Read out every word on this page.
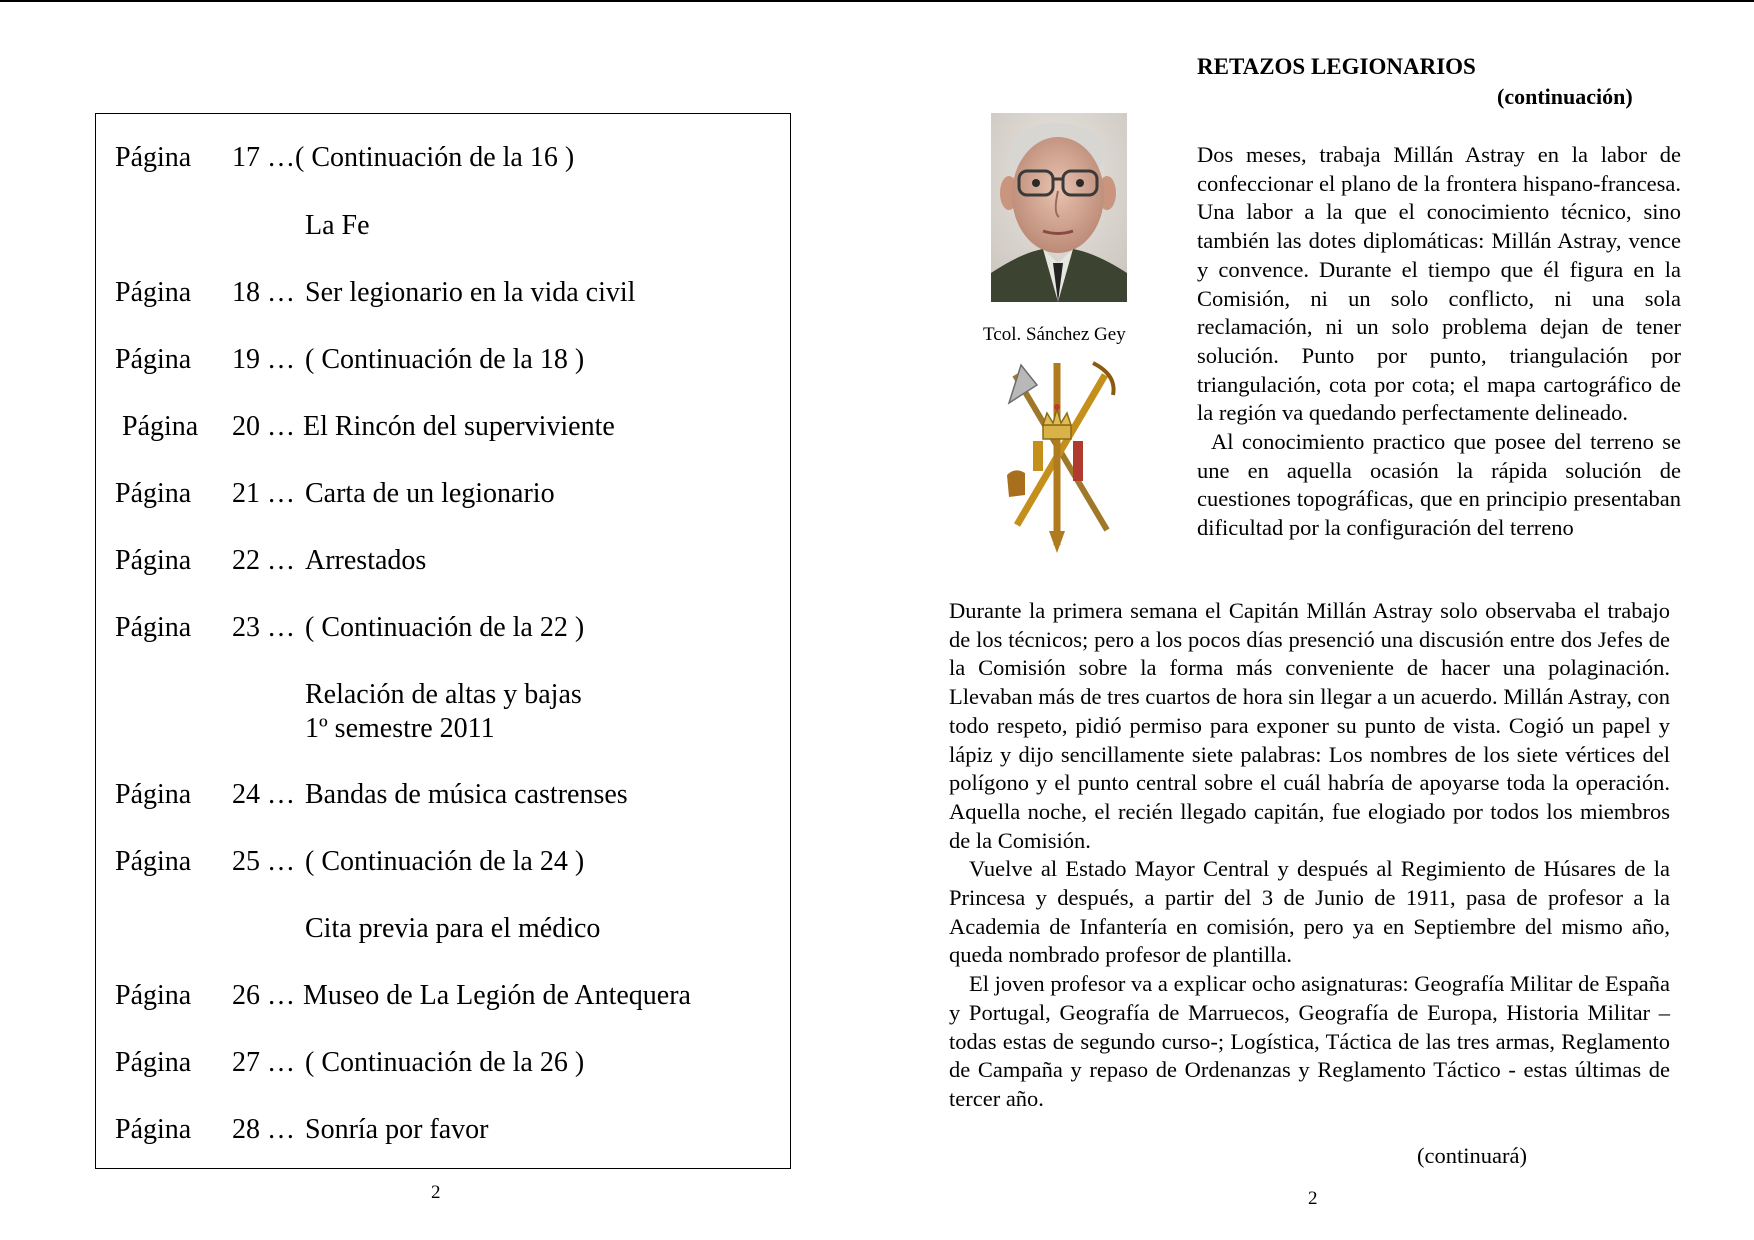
Página 17 … ( Continuación de la 16 )
La Fe
Página 18 … Ser legionario en la vida civil
Página 19 … ( Continuación de la 18 )
Página 20 … El Rincón del superviviente
Página 21 … Carta de un legionario
Página 22 … Arrestados
Página 23 … ( Continuación de la 22 )
Relación de altas y bajas
1º semestre 2011
Página 24 … Bandas de música castrenses
Página 25 … ( Continuación de la 24 )
Cita previa para el médico
Página 26 … Museo de La Legión de Antequera
Página 27 … ( Continuación de la 26 )
Página 28 … Sonría por favor
2
RETAZOS LEGIONARIOS
(continuación)
Tcol. Sánchez Gey

Dos meses, trabaja Millán Astray en la labor de confeccionar el plano de la frontera hispano-francesa. Una labor a la que el conocimiento técnico, sino también las dotes diplomáticas: Millán Astray, vence y convence. Durante el tiempo que él figura en la Comisión, ni un solo conflicto, ni una sola reclamación, ni un solo problema dejan de tener solución. Punto por punto, triangulación por triangulación, cota por cota; el mapa cartográfico de la región va quedando perfectamente delineado.

Al conocimiento practico que posee del terreno se une en aquella ocasión la rápida solución de cuestiones topográficas, que en principio presentaban dificultad por la configuración del terreno

Durante la primera semana el Capitán Millán Astray solo observaba el trabajo de los técnicos; pero a los pocos días presenció una discusión entre dos Jefes de la Comisión sobre la forma más conveniente de hacer una polaginación. Llevaban más de tres cuartos de hora sin llegar a un acuerdo. Millán Astray, con todo respeto, pidió permiso para exponer su punto de vista. Cogió un papel y lápiz y dijo sencillamente siete palabras: Los nombres de los siete vértices del polígono y el punto central sobre el cuál habría de apoyarse toda la operación. Aquella noche, el recién llegado capitán, fue elogiado por todos los miembros de la Comisión.

Vuelve al Estado Mayor Central y después al Regimiento de Húsares de la Princesa y después, a partir del 3 de Junio de 1911, pasa de profesor a la Academia de Infantería en comisión, pero ya en Septiembre del mismo año, queda nombrado profesor de plantilla.

El joven profesor va a explicar ocho asignaturas: Geografía Militar de España y Portugal, Geografía de Marruecos, Geografía de Europa, Historia Militar – todas estas de segundo curso-; Logística, Táctica de las tres armas, Reglamento de Campaña y repaso de Ordenanzas y Reglamento Táctico - estas últimas de tercer año.

(continuará)
2
